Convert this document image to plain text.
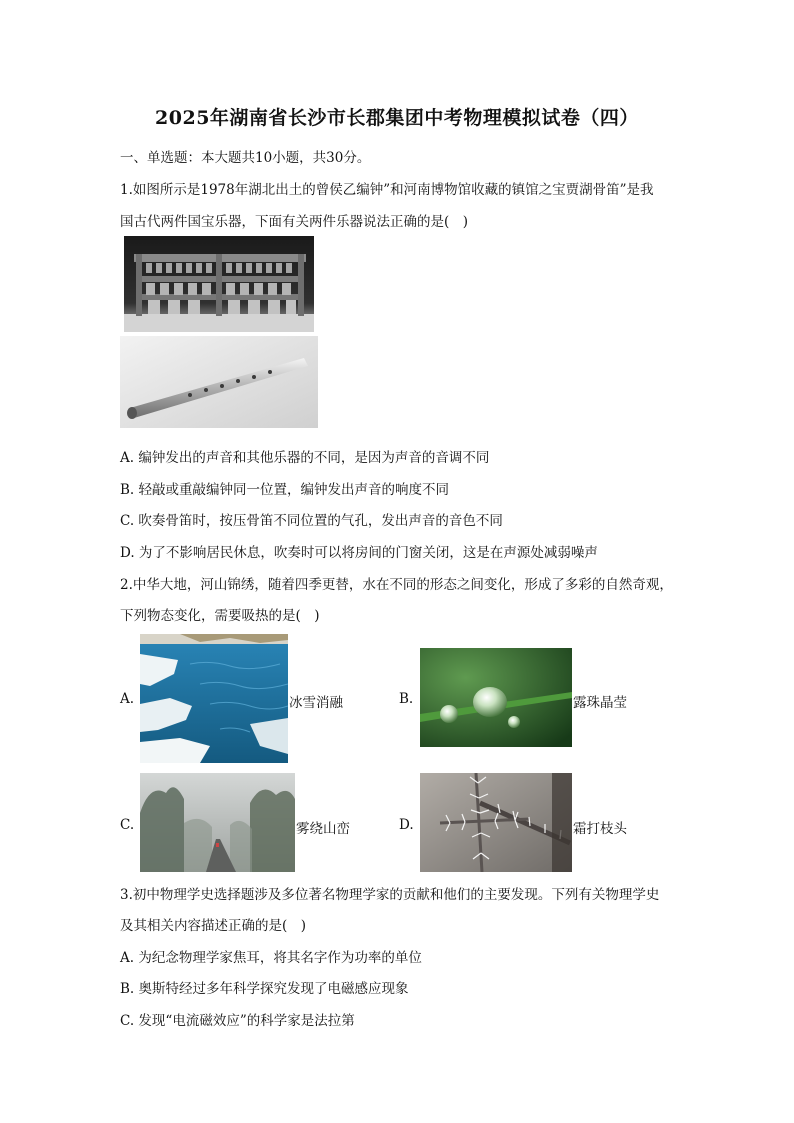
2025年湖南省长沙市长郡集团中考物理模拟试卷（四）
一、单选题：本大题共10小题，共30分。
1.如图所示是1978年湖北出土的曾侯乙编钟”和河南博物馆收藏的镇馆之宝贾湖骨笛”是我
国古代两件国宝乐器，下面有关两件乐器说法正确的是(　)
A. 编钟发出的声音和其他乐器的不同，是因为声音的音调不同
B. 轻敲或重敲编钟同一位置，编钟发出声音的响度不同
C. 吹奏骨笛时，按压骨笛不同位置的气孔，发出声音的音色不同
D. 为了不影响居民休息，吹奏时可以将房间的门窗关闭，这是在声源处减弱噪声
2.中华大地，河山锦绣，随着四季更替，水在不同的形态之间变化，形成了多彩的自然奇观，
下列物态变化，需要吸热的是(　)
A.	冰雪消融	B.	露珠晶莹
C.	雾绕山峦	D.	霜打枝头
3.初中物理学史选择题涉及多位著名物理学家的贡献和他们的主要发现。下列有关物理学史
及其相关内容描述正确的是(　)
A. 为纪念物理学家焦耳，将其名字作为功率的单位
B. 奥斯特经过多年科学探究发现了电磁感应现象
C. 发现“电流磁效应”的科学家是法拉第
